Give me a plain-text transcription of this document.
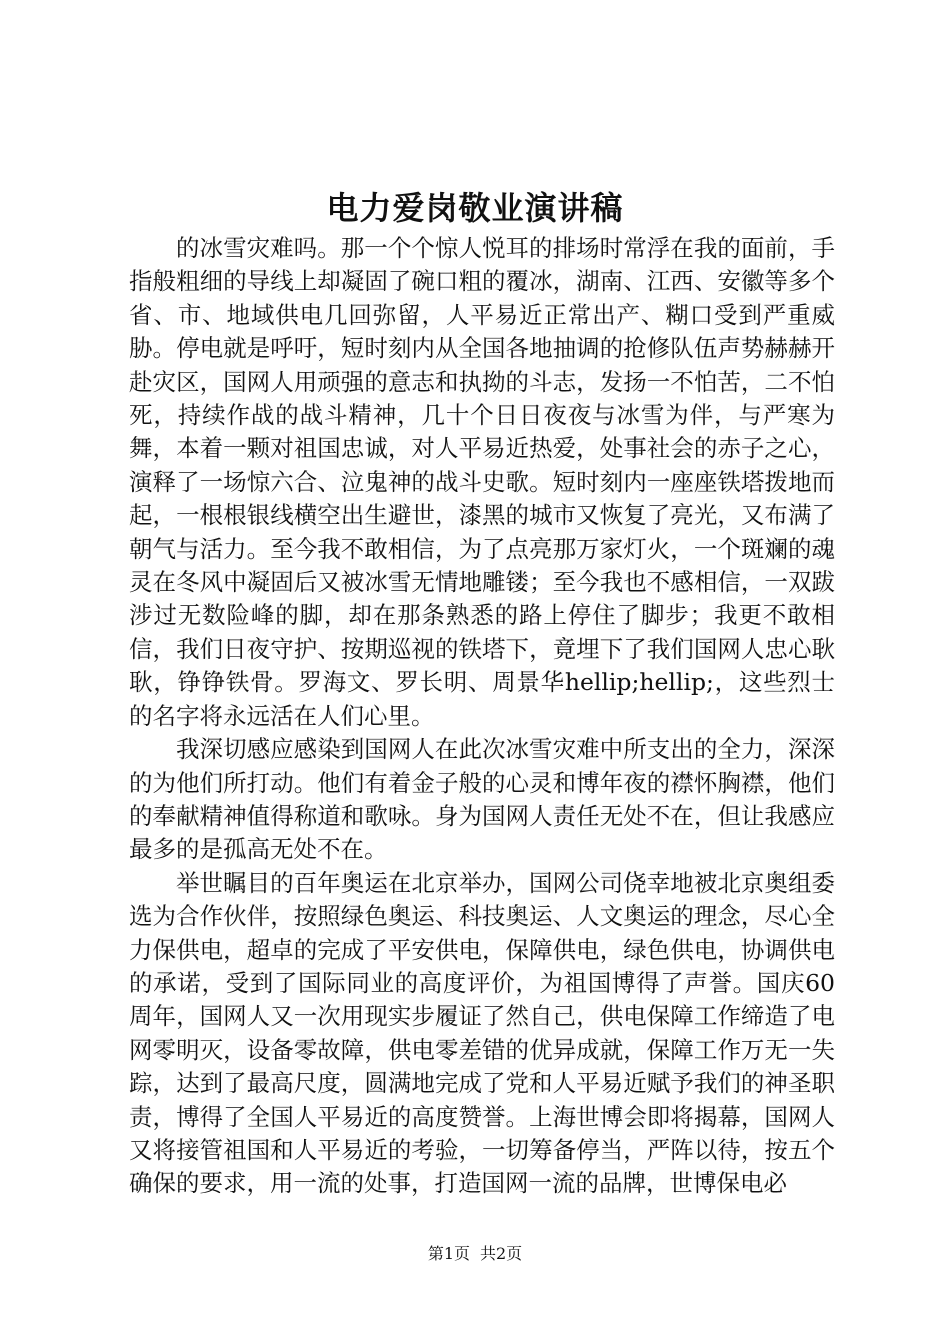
电力爱岗敬业演讲稿

的冰雪灾难吗。那一个个惊人悦耳的排场时常浮在我的面前，手指般粗细的导线上却凝固了碗口粗的覆冰，湖南、江西、安徽等多个省、市、地域供电几回弥留，人平易近正常出产、糊口受到严重威胁。停电就是呼吁，短时刻内从全国各地抽调的抢修队伍声势赫赫开赴灾区，国网人用顽强的意志和执拗的斗志，发扬一不怕苦，二不怕死，持续作战的战斗精神，几十个日日夜夜与冰雪为伴，与严寒为舞，本着一颗对祖国忠诚，对人平易近热爱，处事社会的赤子之心，演释了一场惊六合、泣鬼神的战斗史歌。短时刻内一座座铁塔拨地而起，一根根银线横空出生避世，漆黑的城市又恢复了亮光，又布满了朝气与活力。至今我不敢相信，为了点亮那万家灯火，一个斑斓的魂灵在冬风中凝固后又被冰雪无情地雕镂；至今我也不感相信，一双跋涉过无数险峰的脚，却在那条熟悉的路上停住了脚步；我更不敢相信，我们日夜守护、按期巡视的铁塔下，竟埋下了我们国网人忠心耿耿，铮铮铁骨。罗海文、罗长明、周景华hellip;hellip;，这些烈士的名字将永远活在人们心里。

我深切感应感染到国网人在此次冰雪灾难中所支出的全力，深深的为他们所打动。他们有着金子般的心灵和博年夜的襟怀胸襟，他们的奉献精神值得称道和歌咏。身为国网人责任无处不在，但让我感应最多的是孤高无处不在。

举世瞩目的百年奥运在北京举办，国网公司侥幸地被北京奥组委选为合作伙伴，按照绿色奥运、科技奥运、人文奥运的理念，尽心全力保供电，超卓的完成了平安供电，保障供电，绿色供电，协调供电的承诺，受到了国际同业的高度评价，为祖国博得了声誉。国庆60周年，国网人又一次用现实步履证了然自己，供电保障工作缔造了电网零明灭，设备零故障，供电零差错的优异成就，保障工作万无一失踪，达到了最高尺度，圆满地完成了党和人平易近赋予我们的神圣职责，博得了全国人平易近的高度赞誉。上海世博会即将揭幕，国网人又将接管祖国和人平易近的考验，一切筹备停当，严阵以待，按五个确保的要求，用一流的处事，打造国网一流的品牌，世博保电必

第1页 共2页
